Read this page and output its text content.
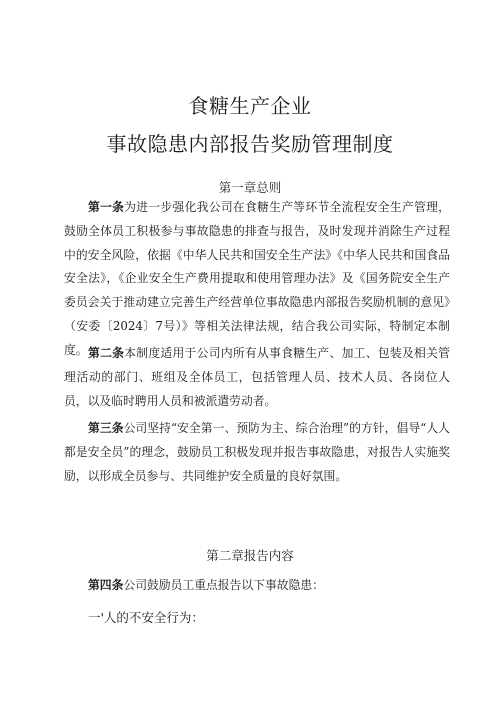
食糖生产企业
事故隐患内部报告奖励管理制度
第一章总则

第一条为进一步强化我公司在食糖生产等环节全流程安全生产管理，鼓励全体员工积极参与事故隐患的排查与报告，及时发现并消除生产过程中的安全风险，依据《中华人民共和国安全生产法》《中华人民共和国食品安全法》，《企业安全生产费用提取和使用管理办法》及《国务院安全生产委员会关于推动建立完善生产经营单位事故隐患内部报告奖励机制的意见》（安委〔2024〕7号）》等相关法律法规，结合我公司实际，特制定本制度。 第二条本制度适用于公司内所有从事食糖生产、加工、包装及相关管理活动的部门、班组及全体员工，包括管理人员、技术人员、各岗位人员，以及临时聘用人员和被派遣劳动者。

第三条公司坚持“安全第一、预防为主、综合治理”的方针，倡导“人人都是安全员”的理念，鼓励员工积极发现并报告事故隐患，对报告人实施奖励，以形成全员参与、共同维护安全质量的良好氛围。

第二章报告内容

第四条公司鼓励员工重点报告以下事故隐患：

一'人的不安全行为：
